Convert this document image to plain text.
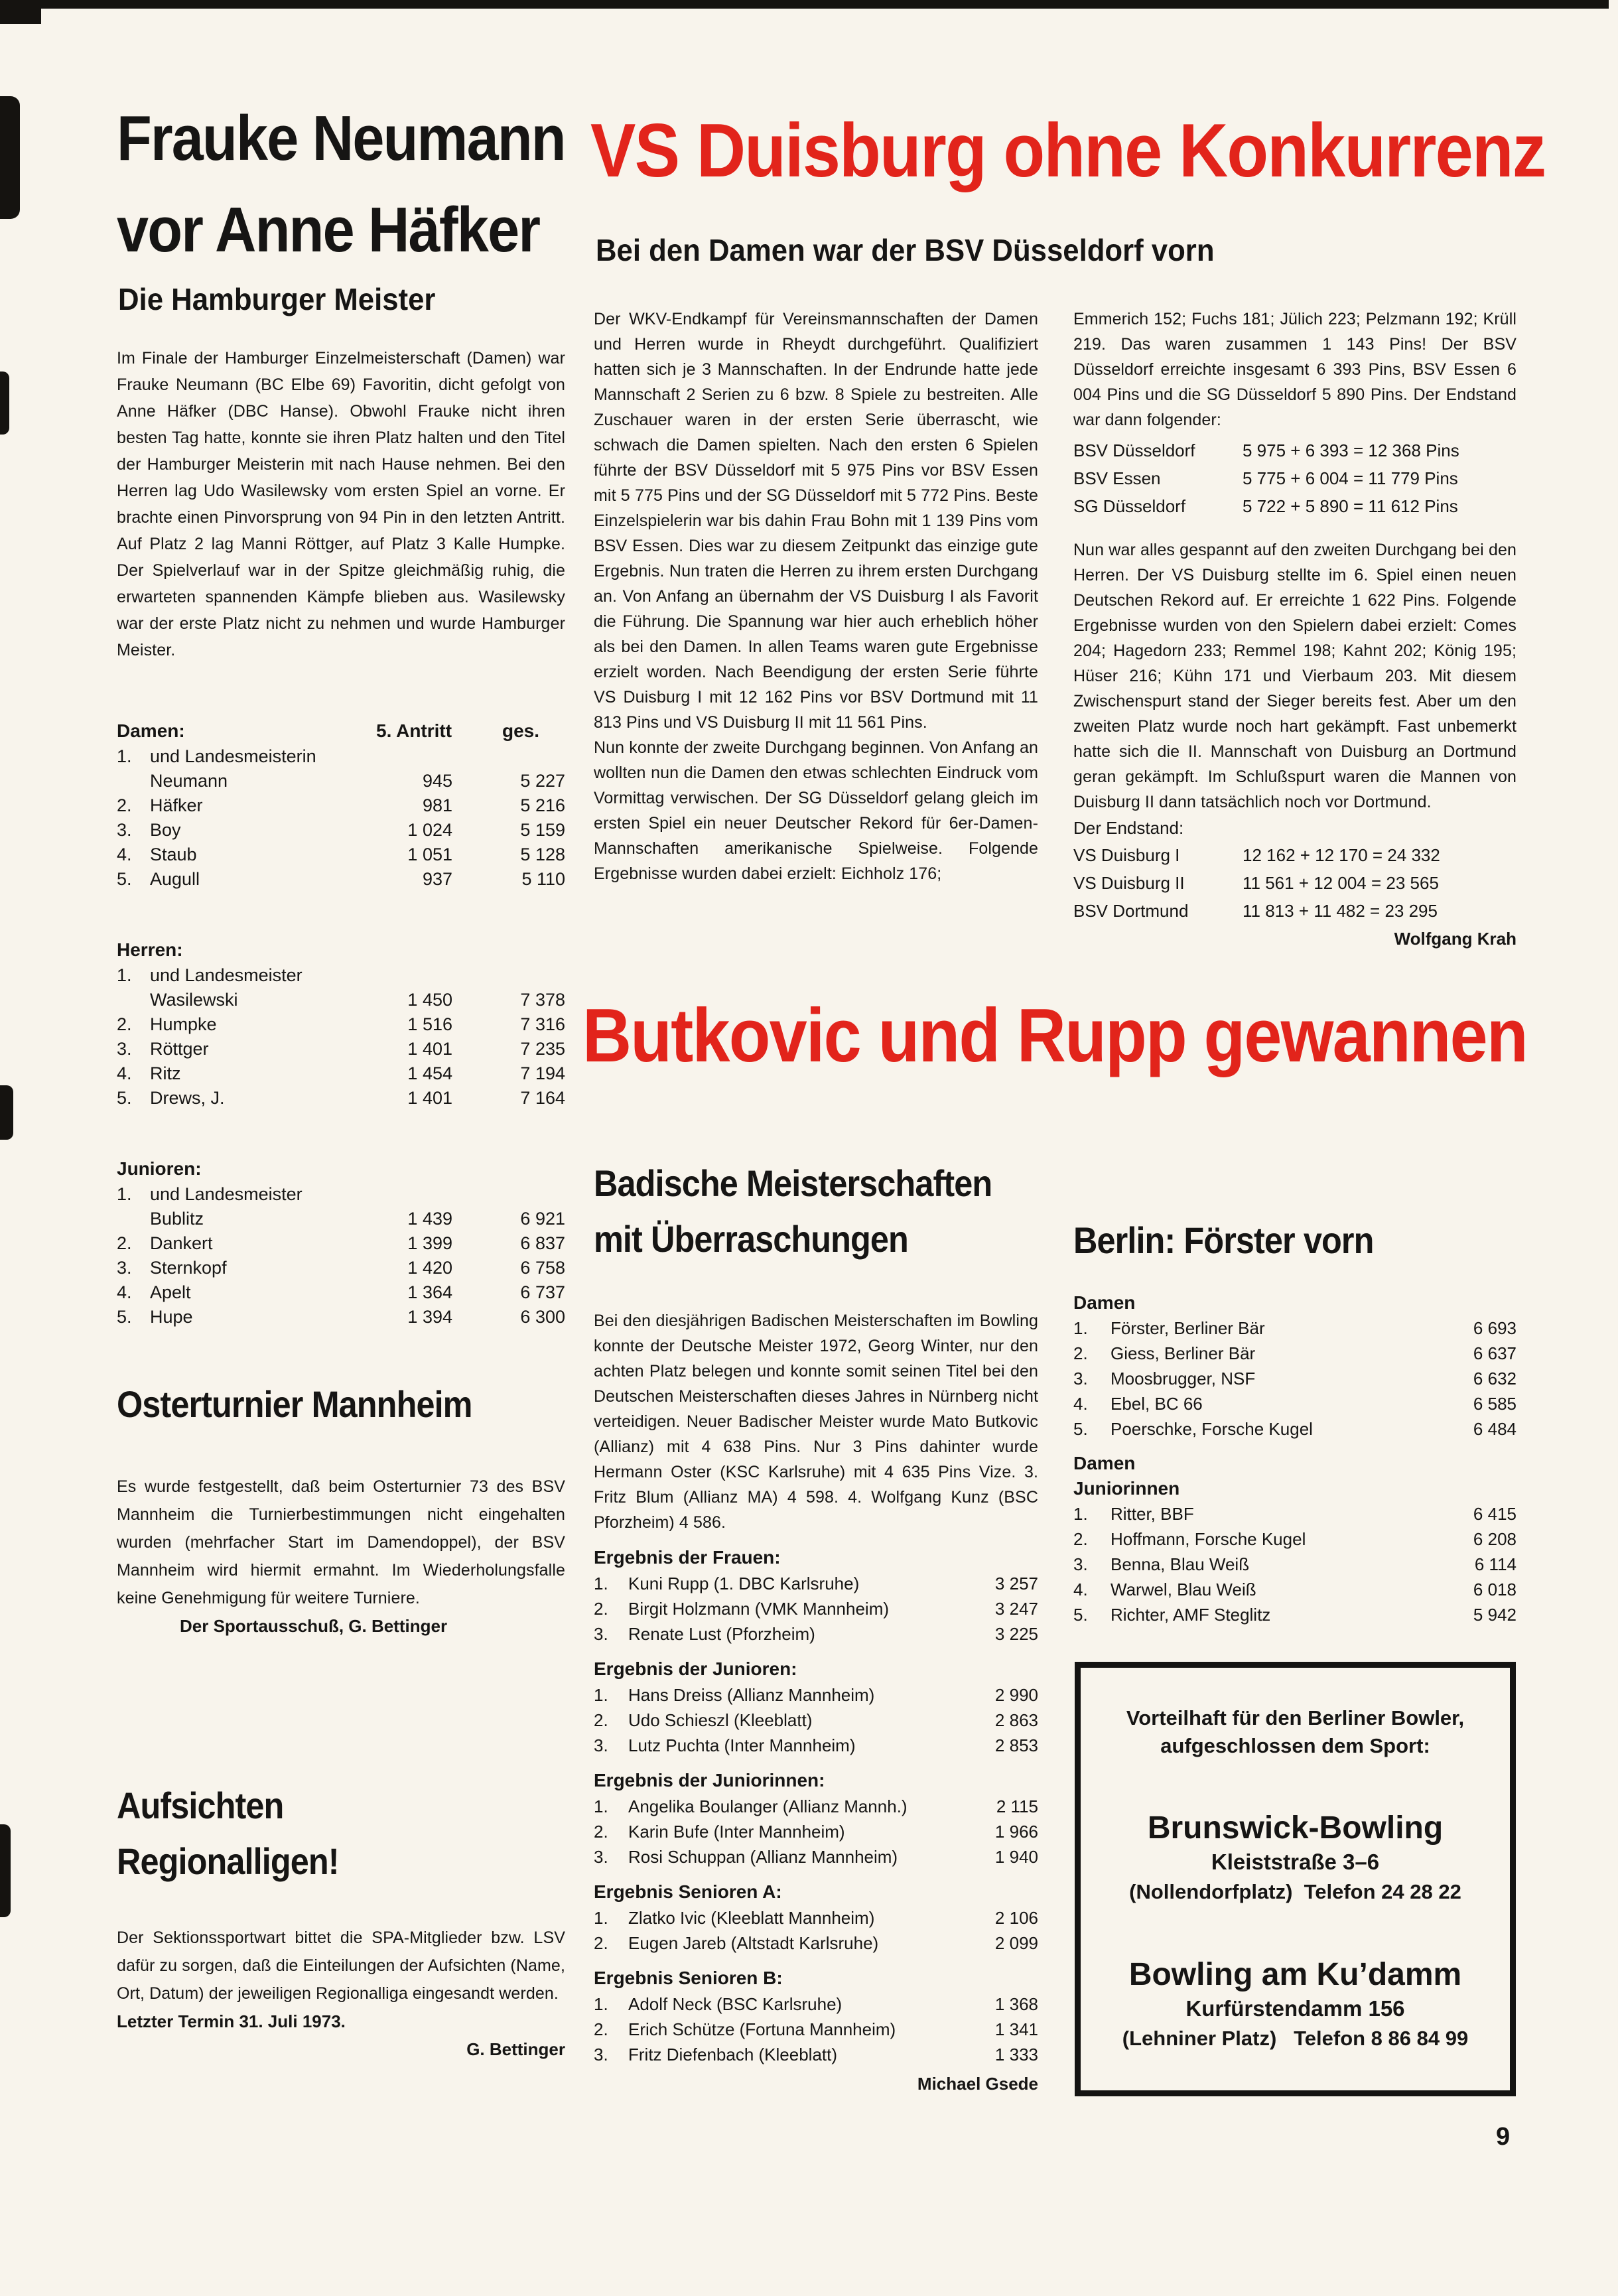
Frauke Neumann
vor Anne Häfker
Die Hamburger Meister
Im Finale der Hamburger Einzelmeisterschaft (Damen) war Frauke Neumann (BC Elbe 69) Favoritin, dicht gefolgt von Anne Häfker (DBC Hanse). Obwohl Frauke nicht ihren besten Tag hatte, konnte sie ihren Platz halten und den Titel der Hamburger Meisterin mit nach Hause nehmen. Bei den Herren lag Udo Wasilewsky vom ersten Spiel an vorne. Er brachte einen Pinvorsprung von 94 Pin in den letzten Antritt. Auf Platz 2 lag Manni Röttger, auf Platz 3 Kalle Humpke. Der Spielverlauf war in der Spitze gleichmäßig ruhig, die erwarteten spannenden Kämpfe blieben aus. Wasilewsky war der erste Platz nicht zu nehmen und wurde Hamburger Meister.
Damen:	5. Antritt	ges.
1.	und Landesmeisterin
Neumann	945	5 227
2.	Häfker	981	5 216
3.	Boy	1 024	5 159
4.	Staub	1 051	5 128
5.	Augull	937	5 110
Herren:
1.	und Landesmeister
Wasilewski	1 450	7 378
2.	Humpke	1 516	7 316
3.	Röttger	1 401	7 235
4.	Ritz	1 454	7 194
5.	Drews, J.	1 401	7 164
Junioren:
1.	und Landesmeister
Bublitz	1 439	6 921
2.	Dankert	1 399	6 837
3.	Sternkopf	1 420	6 758
4.	Apelt	1 364	6 737
5.	Hupe	1 394	6 300
Osterturnier Mannheim
Es wurde festgestellt, daß beim Osterturnier 73 des BSV Mannheim die Turnierbestimmungen nicht eingehalten wurden (mehrfacher Start im Damendoppel), der BSV Mannheim wird hiermit ermahnt. Im Wiederholungsfalle keine Genehmigung für weitere Turniere.
Der Sportausschuß, G. Bettinger
Aufsichten
Regionalligen!
Der Sektionssportwart bittet die SPA-Mitglieder bzw. LSV dafür zu sorgen, daß die Einteilungen der Aufsichten (Name, Ort, Datum) der jeweiligen Regionalliga eingesandt werden.
Letzter Termin 31. Juli 1973.
G. Bettinger
VS Duisburg ohne Konkurrenz
Bei den Damen war der BSV Düsseldorf vorn
Der WKV-Endkampf für Vereinsmannschaften der Damen und Herren wurde in Rheydt durchgeführt. Qualifiziert hatten sich je 3 Mannschaften. In der Endrunde hatte jede Mannschaft 2 Serien zu 6 bzw. 8 Spiele zu bestreiten. Alle Zuschauer waren in der ersten Serie überrascht, wie schwach die Damen spielten. Nach den ersten 6 Spielen führte der BSV Düsseldorf mit 5 975 Pins vor BSV Essen mit 5 775 Pins und der SG Düsseldorf mit 5 772 Pins. Beste Einzelspielerin war bis dahin Frau Bohn mit 1 139 Pins vom BSV Essen. Dies war zu diesem Zeitpunkt das einzige gute Ergebnis. Nun traten die Herren zu ihrem ersten Durchgang an. Von Anfang an übernahm der VS Duisburg I als Favorit die Führung. Die Spannung war hier auch erheblich höher als bei den Damen. In allen Teams waren gute Ergebnisse erzielt worden. Nach Beendigung der ersten Serie führte VS Duisburg I mit 12 162 Pins vor BSV Dortmund mit 11 813 Pins und VS Duisburg II mit 11 561 Pins.
Nun konnte der zweite Durchgang beginnen. Von Anfang an wollten nun die Damen den etwas schlechten Eindruck vom Vormittag verwischen. Der SG Düsseldorf gelang gleich im ersten Spiel ein neuer Deutscher Rekord für 6er-Damen-Mannschaften amerikanische Spielweise. Folgende Ergebnisse wurden dabei erzielt: Eichholz 176;
Emmerich 152; Fuchs 181; Jülich 223; Pelzmann 192; Krüll 219. Das waren zusammen 1 143 Pins! Der BSV Düsseldorf erreichte insgesamt 6 393 Pins, BSV Essen 6 004 Pins und die SG Düsseldorf 5 890 Pins. Der Endstand war dann folgender:
BSV Düsseldorf	5 975 + 6 393 = 12 368 Pins
BSV Essen	5 775 + 6 004 = 11 779 Pins
SG Düsseldorf	5 722 + 5 890 = 11 612 Pins
Nun war alles gespannt auf den zweiten Durchgang bei den Herren. Der VS Duisburg stellte im 6. Spiel einen neuen Deutschen Rekord auf. Er erreichte 1 622 Pins. Folgende Ergebnisse wurden von den Spielern dabei erzielt: Comes 204; Hagedorn 233; Remmel 198; Kahnt 202; König 195; Hüser 216; Kühn 171 und Vierbaum 203. Mit diesem Zwischenspurt stand der Sieger bereits fest. Aber um den zweiten Platz wurde noch hart gekämpft. Fast unbemerkt hatte sich die II. Mannschaft von Duisburg an Dortmund geran gekämpft. Im Schlußspurt waren die Mannen von Duisburg II dann tatsächlich noch vor Dortmund.
Der Endstand:
VS Duisburg I	12 162 + 12 170 = 24 332
VS Duisburg II	11 561 + 12 004 = 23 565
BSV Dortmund	11 813 + 11 482 = 23 295
Wolfgang Krah
Butkovic und Rupp gewannen
Badische Meisterschaften
mit Überraschungen
Bei den diesjährigen Badischen Meisterschaften im Bowling konnte der Deutsche Meister 1972, Georg Winter, nur den achten Platz belegen und konnte somit seinen Titel bei den Deutschen Meisterschaften dieses Jahres in Nürnberg nicht verteidigen. Neuer Badischer Meister wurde Mato Butkovic (Allianz) mit 4 638 Pins. Nur 3 Pins dahinter wurde Hermann Oster (KSC Karlsruhe) mit 4 635 Pins Vize. 3. Fritz Blum (Allianz MA) 4 598. 4. Wolfgang Kunz (BSC Pforzheim) 4 586.
Ergebnis der Frauen:
1.	Kuni Rupp (1. DBC Karlsruhe)	3 257
2.	Birgit Holzmann (VMK Mannheim)	3 247
3.	Renate Lust (Pforzheim)	3 225
Ergebnis der Junioren:
1.	Hans Dreiss (Allianz Mannheim)	2 990
2.	Udo Schieszl (Kleeblatt)	2 863
3.	Lutz Puchta (Inter Mannheim)	2 853
Ergebnis der Juniorinnen:
1.	Angelika Boulanger (Allianz Mannh.)	2 115
2.	Karin Bufe (Inter Mannheim)	1 966
3.	Rosi Schuppan (Allianz Mannheim)	1 940
Ergebnis Senioren A:
1.	Zlatko Ivic (Kleeblatt Mannheim)	2 106
2.	Eugen Jareb (Altstadt Karlsruhe)	2 099
Ergebnis Senioren B:
1.	Adolf Neck (BSC Karlsruhe)	1 368
2.	Erich Schütze (Fortuna Mannheim)	1 341
3.	Fritz Diefenbach (Kleeblatt)	1 333
Michael Gsede
Berlin: Förster vorn
Damen
1.	Förster, Berliner Bär	6 693
2.	Giess, Berliner Bär	6 637
3.	Moosbrugger, NSF	6 632
4.	Ebel, BC 66	6 585
5.	Poerschke, Forsche Kugel	6 484
Damen
Juniorinnen
1.	Ritter, BBF	6 415
2.	Hoffmann, Forsche Kugel	6 208
3.	Benna, Blau Weiß	6 114
4.	Warwel, Blau Weiß	6 018
5.	Richter, AMF Steglitz	5 942
Vorteilhaft für den Berliner Bowler,
aufgeschlossen dem Sport:
Brunswick-Bowling
Kleiststraße 3–6
(Nollendorfplatz)  Telefon 24 28 22
Bowling am Ku’damm
Kurfürstendamm 156
(Lehniner Platz)   Telefon 8 86 84 99
9
